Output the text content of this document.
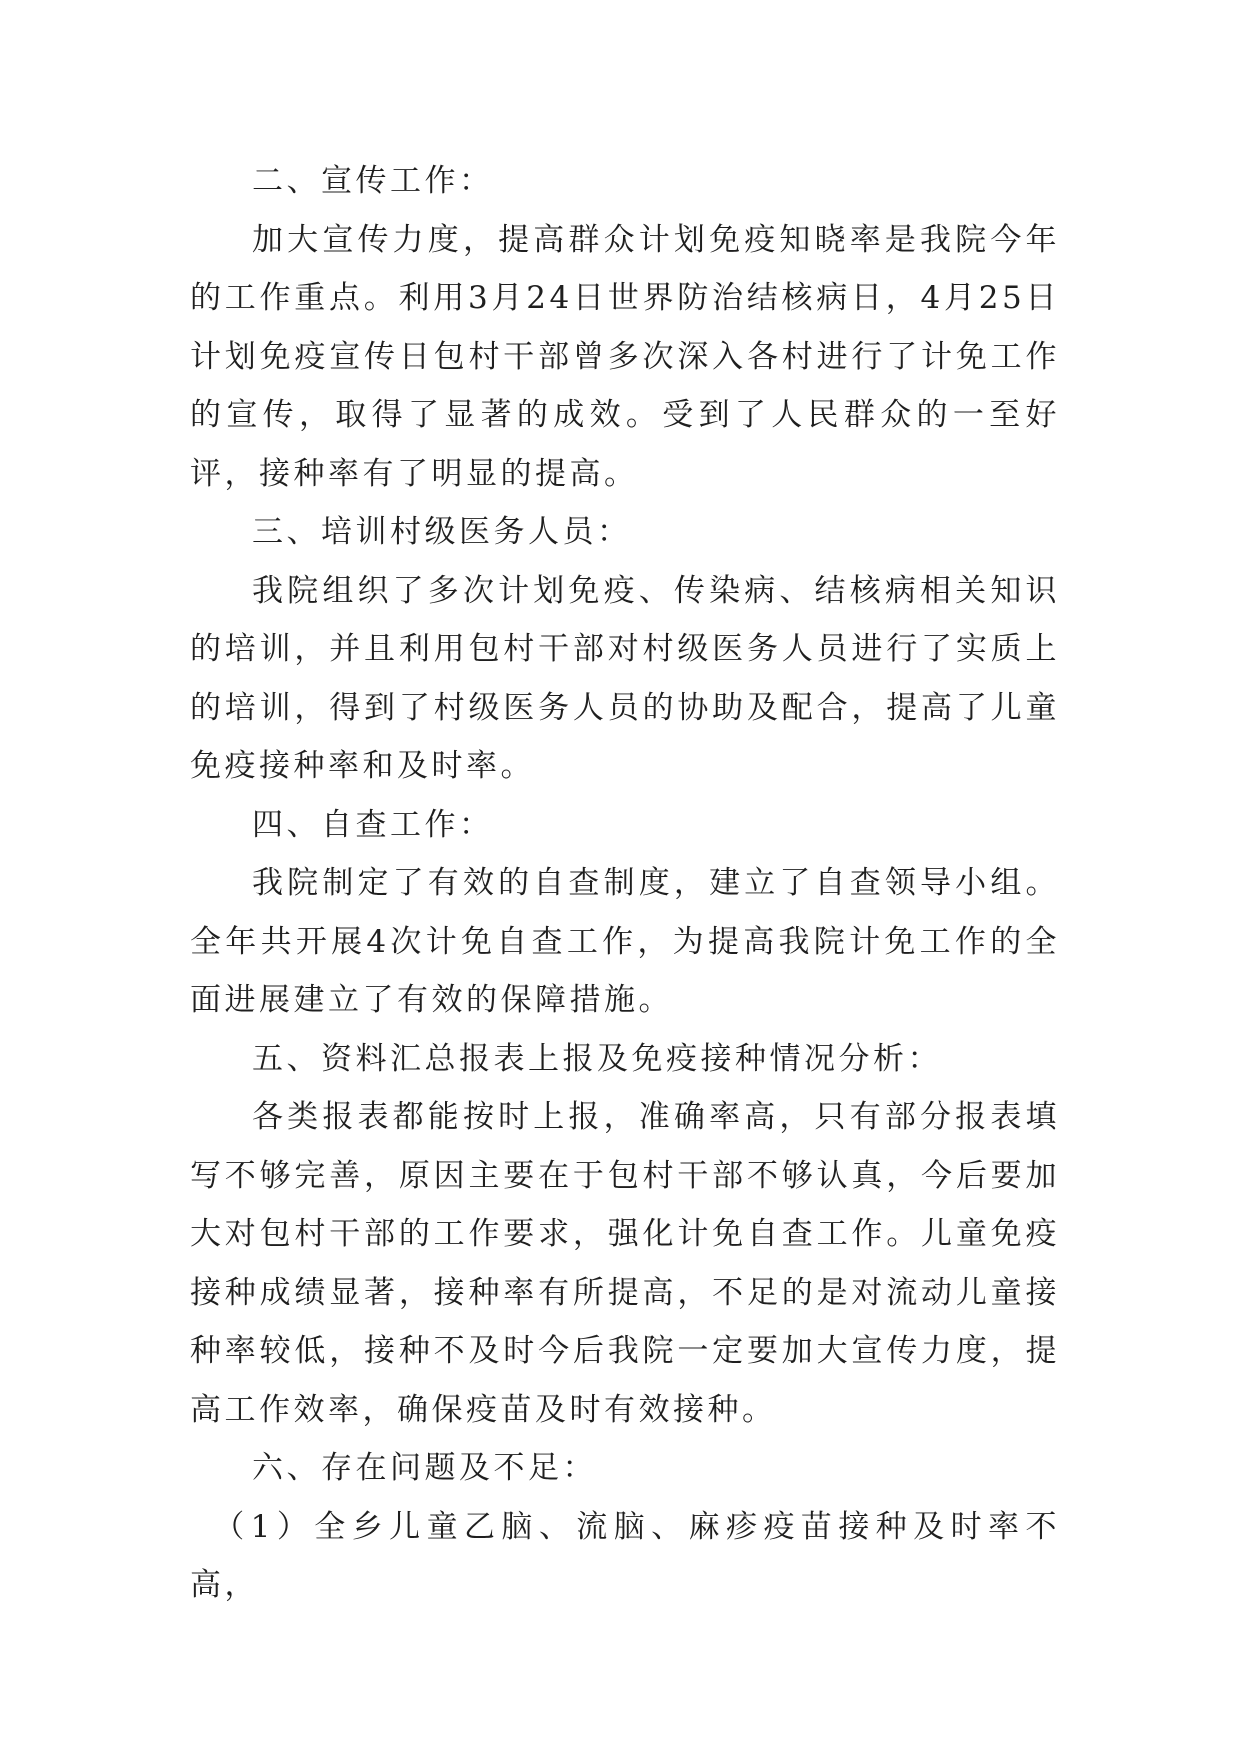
二、宣传工作：

加大宣传力度，提高群众计划免疫知晓率是我院今年的工作重点。利用3月24日世界防治结核病日，4月25日计划免疫宣传日包村干部曾多次深入各村进行了计免工作的宣传，取得了显著的成效。受到了人民群众的一至好评，接种率有了明显的提高。

三、培训村级医务人员：

我院组织了多次计划免疫、传染病、结核病相关知识的培训，并且利用包村干部对村级医务人员进行了实质上的培训，得到了村级医务人员的协助及配合，提高了儿童免疫接种率和及时率。

四、自查工作：

我院制定了有效的自查制度，建立了自查领导小组。全年共开展4次计免自查工作，为提高我院计免工作的全面进展建立了有效的保障措施。

五、资料汇总报表上报及免疫接种情况分析：

各类报表都能按时上报，准确率高，只有部分报表填写不够完善，原因主要在于包村干部不够认真，今后要加大对包村干部的工作要求，强化计免自查工作。儿童免疫接种成绩显著，接种率有所提高，不足的是对流动儿童接种率较低，接种不及时今后我院一定要加大宣传力度，提高工作效率，确保疫苗及时有效接种。

六、存在问题及不足：

（1）全乡儿童乙脑、流脑、麻疹疫苗接种及时率不高，
